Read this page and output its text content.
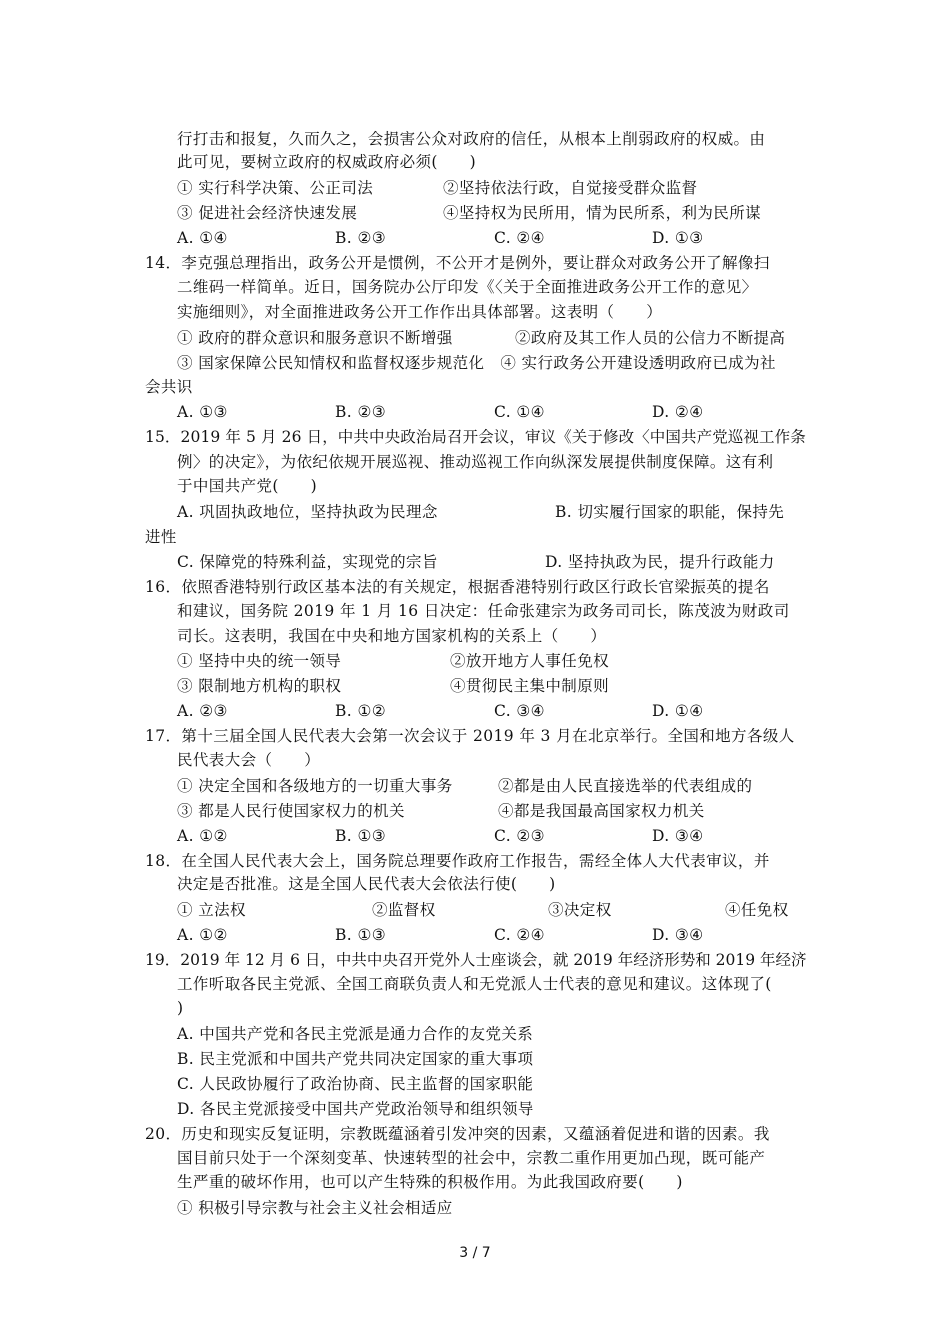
行打击和报复，久而久之，会损害公众对政府的信任，从根本上削弱政府的权威。由
此可见，要树立政府的权威政府必须(　　)
① 实行科学决策、公正司法	②坚持依法行政，自觉接受群众监督
③ 促进社会经济快速发展	④坚持权为民所用，情为民所系，利为民所谋
A. ①④	B. ②③	C. ②④	D. ①③
14．李克强总理指出，政务公开是惯例，不公开才是例外，要让群众对政务公开了解像扫
二维码一样简单。近日，国务院办公厅印发《〈关于全面推进政务公开工作的意见〉
实施细则》，对全面推进政务公开工作作出具体部署。这表明（　　）
① 政府的群众意识和服务意识不断增强	②政府及其工作人员的公信力不断提高
③ 国家保障公民知情权和监督权逐步规范化　④ 实行政务公开建设透明政府已成为社
会共识
A. ①③	B. ②③	C. ①④	D. ②④
15．2019 年 5 月 26 日，中共中央政治局召开会议，审议《关于修改〈中国共产党巡视工作条
例〉的决定》，为依纪依规开展巡视、推动巡视工作向纵深发展提供制度保障。这有利
于中国共产党(　　)
A. 巩固执政地位，坚持执政为民理念	B. 切实履行国家的职能，保持先
进性
C. 保障党的特殊利益，实现党的宗旨	D. 坚持执政为民，提升行政能力
16．依照香港特别行政区基本法的有关规定，根据香港特别行政区行政长官梁振英的提名
和建议，国务院 2019 年 1 月 16 日决定：任命张建宗为政务司司长，陈茂波为财政司
司长。这表明，我国在中央和地方国家机构的关系上（　　）
① 坚持中央的统一领导	②放开地方人事任免权
③ 限制地方机构的职权	④贯彻民主集中制原则
A. ②③	B. ①②	C. ③④	D. ①④
17．第十三届全国人民代表大会第一次会议于 2019 年 3 月在北京举行。全国和地方各级人
民代表大会（　　）
① 决定全国和各级地方的一切重大事务	②都是由人民直接选举的代表组成的
③ 都是人民行使国家权力的机关	④都是我国最高国家权力机关
A. ①②	B. ①③	C. ②③	D. ③④
18．在全国人民代表大会上，国务院总理要作政府工作报告，需经全体人大代表审议，并
决定是否批准。这是全国人民代表大会依法行使(　　)
① 立法权	②监督权	③决定权	④任免权
A. ①②	B. ①③	C. ②④	D. ③④
19．2019 年 12 月 6 日，中共中央召开党外人士座谈会，就 2019 年经济形势和 2019 年经济
工作听取各民主党派、全国工商联负责人和无党派人士代表的意见和建议。这体现了(
)
A. 中国共产党和各民主党派是通力合作的友党关系
B. 民主党派和中国共产党共同决定国家的重大事项
C. 人民政协履行了政治协商、民主监督的国家职能
D. 各民主党派接受中国共产党政治领导和组织领导
20．历史和现实反复证明，宗教既蕴涵着引发冲突的因素，又蕴涵着促进和谐的因素。我
国目前只处于一个深刻变革、快速转型的社会中，宗教二重作用更加凸现，既可能产
生严重的破坏作用，也可以产生特殊的积极作用。为此我国政府要(　　)
① 积极引导宗教与社会主义社会相适应
3 / 7
